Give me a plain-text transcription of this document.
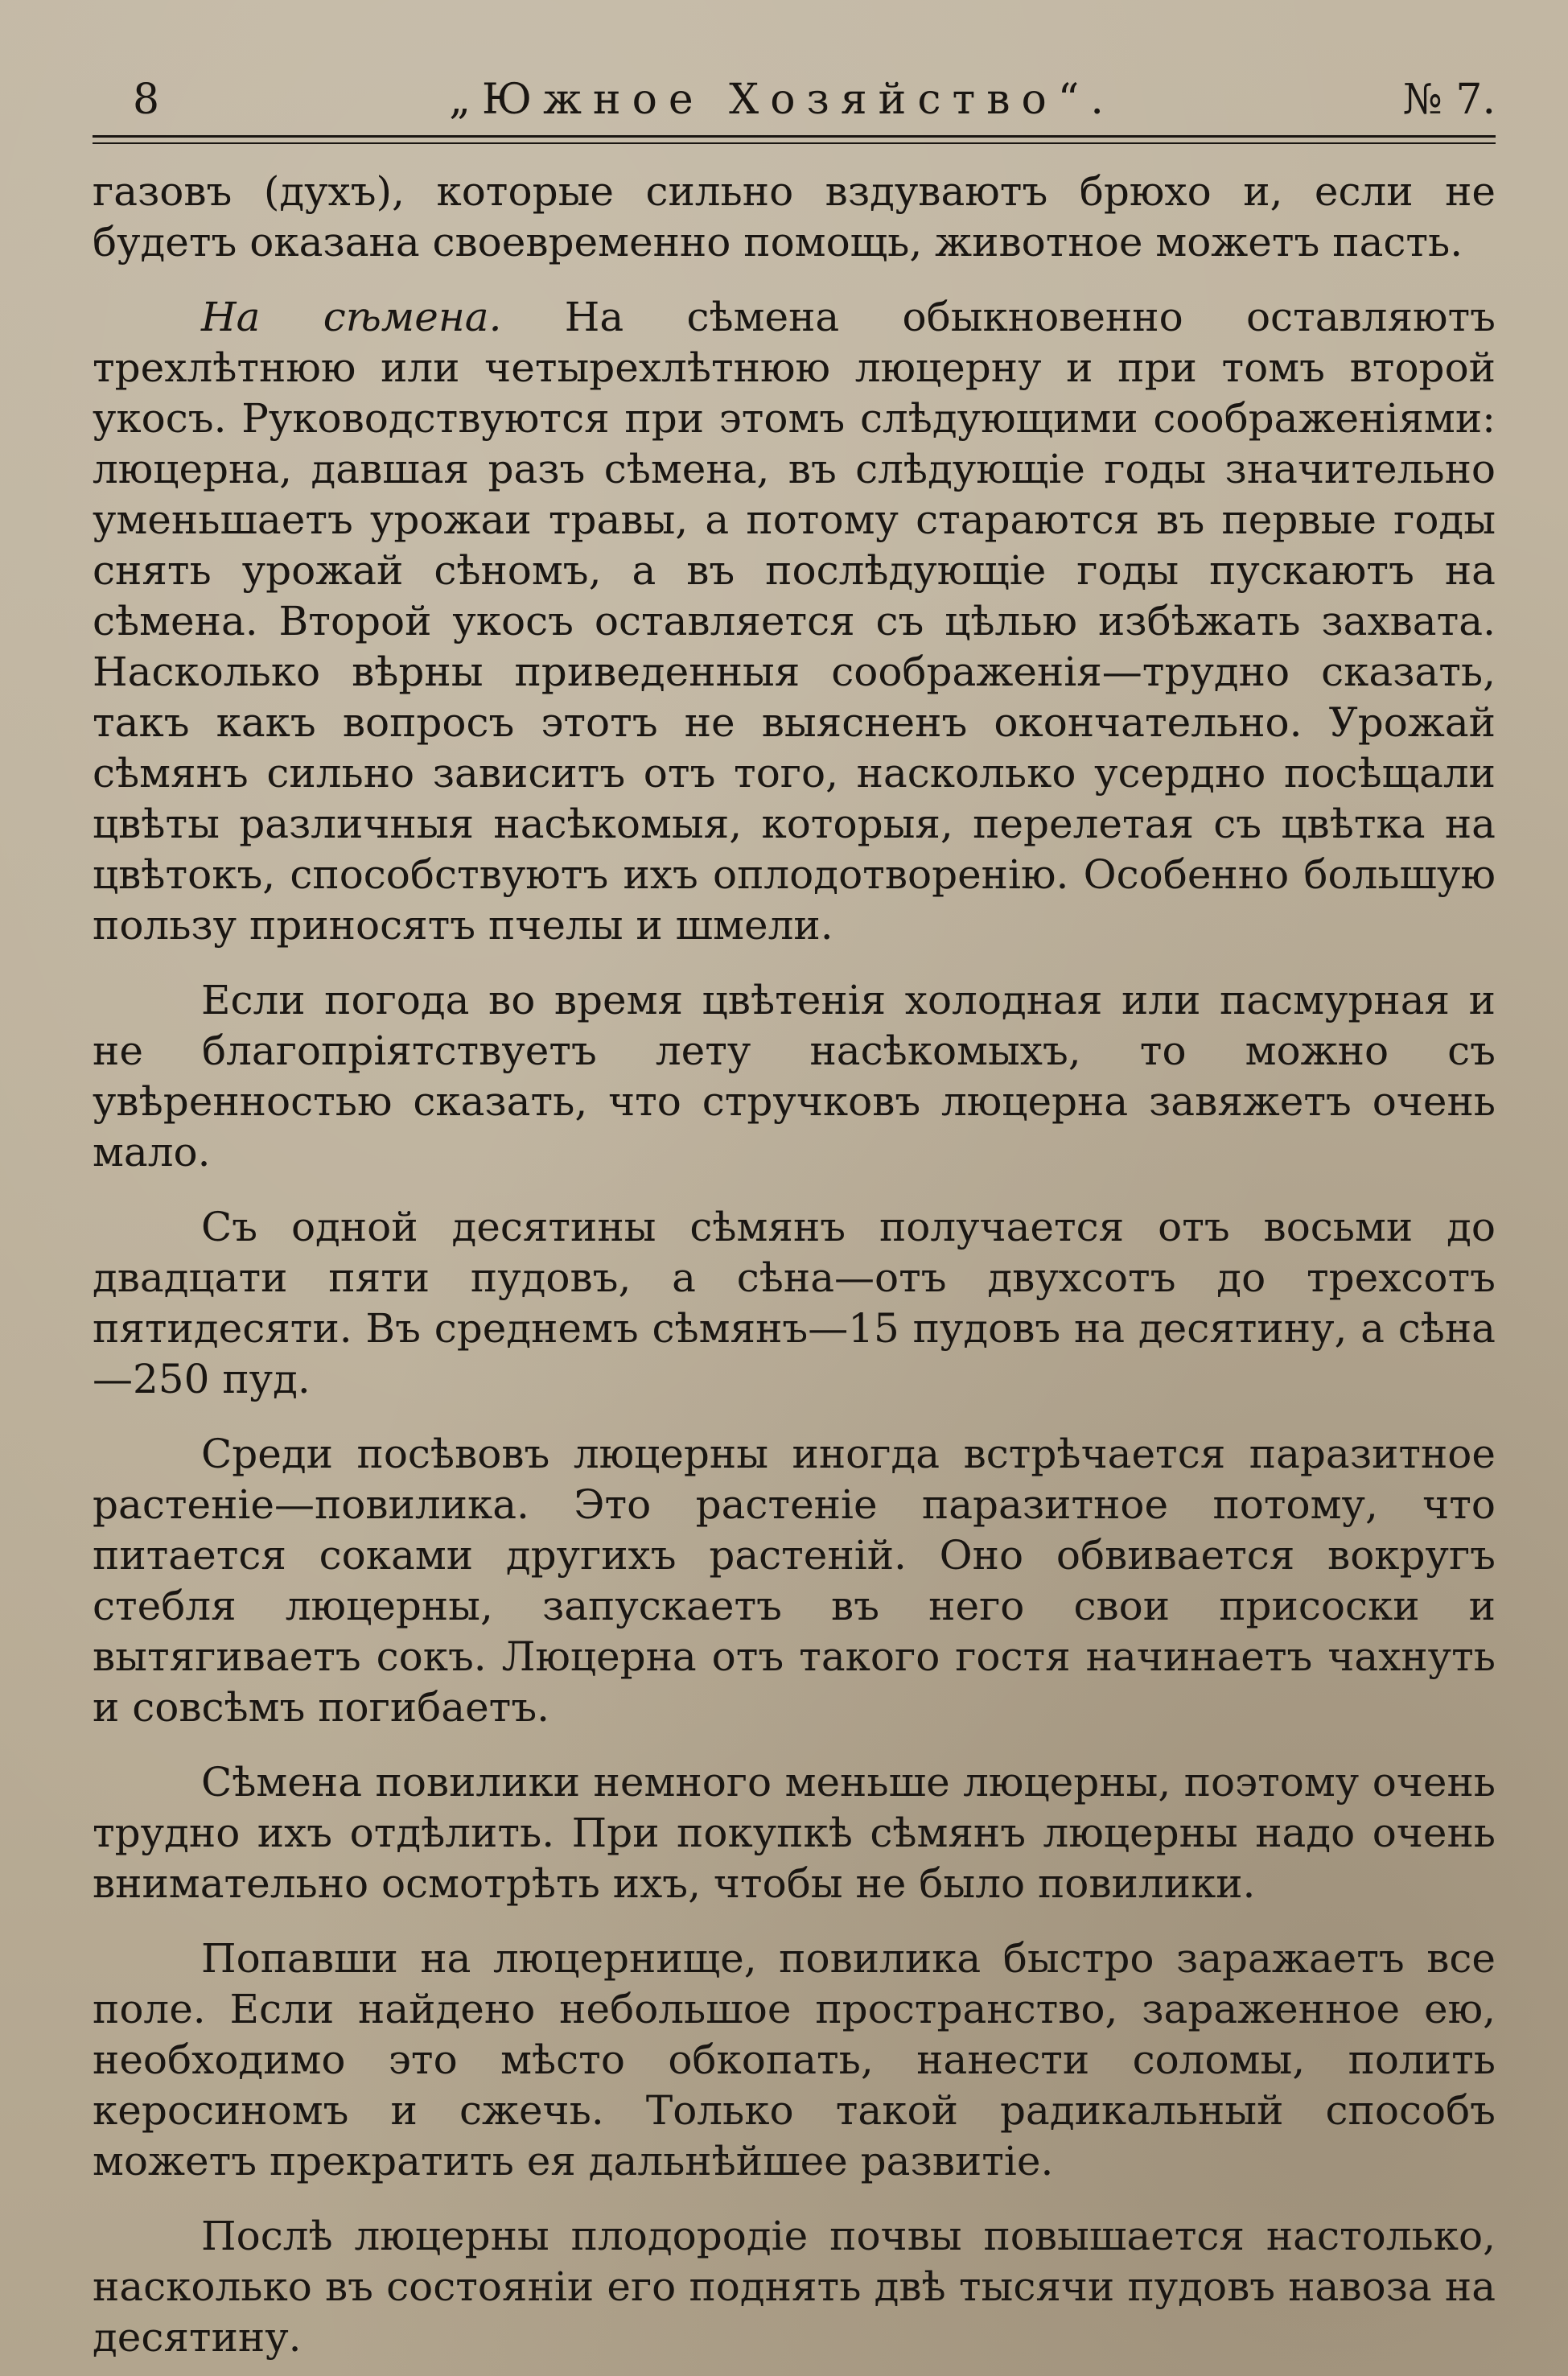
8	„Южное Хозяйство“.	№ 7.

газовъ (духъ), которые сильно вздуваютъ брюхо и, если не будетъ оказана своевременно помощь, животное можетъ пасть.

На сѣмена. На сѣмена обыкновенно оставляютъ трехлѣтнюю или четырехлѣтнюю люцерну и при томъ второй укосъ. Руководствуются при этомъ слѣдующими соображеніями: люцерна, давшая разъ сѣмена, въ слѣдующіе годы значительно уменьшаетъ урожаи травы, а потому стараются въ первые годы снять урожай сѣномъ, а въ послѣдующіе годы пускаютъ на сѣмена. Второй укосъ оставляется съ цѣлью избѣжать захвата. Насколько вѣрны приведенныя соображенія—трудно сказать, такъ какъ вопросъ этотъ не выясненъ окончательно. Урожай сѣмянъ сильно зависитъ отъ того, насколько усердно посѣщали цвѣты различныя насѣкомыя, которыя, перелетая съ цвѣтка на цвѣтокъ, способствуютъ ихъ оплодотворенію. Особенно большую пользу приносятъ пчелы и шмели.

Если погода во время цвѣтенія холодная или пасмурная и не благопріятствуетъ лету насѣкомыхъ, то можно съ увѣренностью сказать, что стручковъ люцерна завяжетъ очень мало.

Съ одной десятины сѣмянъ получается отъ восьми до двадцати пяти пудовъ, а сѣна—отъ двухсотъ до трехсотъ пятидесяти. Въ среднемъ сѣмянъ—15 пудовъ на десятину, а сѣна—250 пуд.

Среди посѣвовъ люцерны иногда встрѣчается паразитное растеніе—повилика. Это растеніе паразитное потому, что питается соками другихъ растеній. Оно обвивается вокругъ стебля люцерны, запускаетъ въ него свои присоски и вытягиваетъ сокъ. Люцерна отъ такого гостя начинаетъ чахнуть и совсѣмъ погибаетъ.

Сѣмена повилики немного меньше люцерны, поэтому очень трудно ихъ отдѣлить. При покупкѣ сѣмянъ люцерны надо очень внимательно осмотрѣть ихъ, чтобы не было повилики.

Попавши на люцернище, повилика быстро заражаетъ все поле. Если найдено небольшое пространство, зараженное ею, необходимо это мѣсто обкопать, нанести соломы, полить керосиномъ и сжечь. Только такой радикальный способъ можетъ прекратить ея дальнѣйшее развитіе.

Послѣ люцерны плодородіе почвы повышается настолько, насколько въ состояніи его поднять двѣ тысячи пудовъ навоза на десятину.
